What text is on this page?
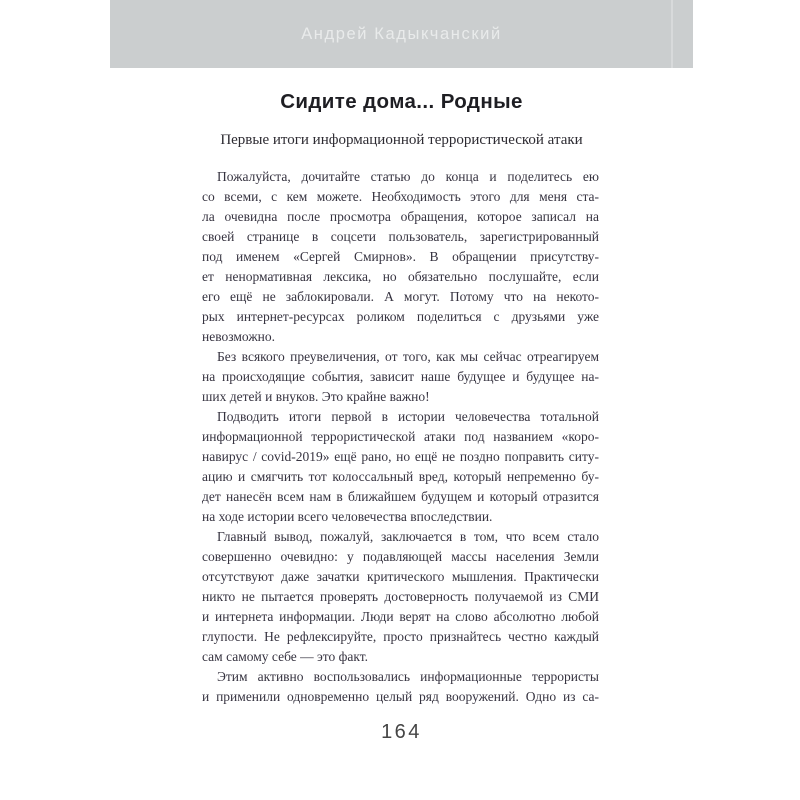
Андрей Кадыкчанский
Сидите дома... Родные
Первые итоги информационной террористической атаки
Пожалуйста, дочитайте статью до конца и поделитесь ею
со всеми, с кем можете. Необходимость этого для меня ста-
ла очевидна после просмотра обращения, которое записал на
своей странице в соцсети пользователь, зарегистрированный
под именем «Сергей Смирнов». В обращении присутству-
ет ненормативная лексика, но обязательно послушайте, если
его ещё не заблокировали. А могут. Потому что на некото-
рых интернет-ресурсах роликом поделиться с друзьями уже
невозможно.
Без всякого преувеличения, от того, как мы сейчас отреагируем
на происходящие события, зависит наше будущее и будущее на-
ших детей и внуков. Это крайне важно!
Подводить итоги первой в истории человечества тотальной
информационной террористической атаки под названием «коро-
навирус / covid-2019» ещё рано, но ещё не поздно поправить ситу-
ацию и смягчить тот колоссальный вред, который непременно бу-
дет нанесён всем нам в ближайшем будущем и который отразится
на ходе истории всего человечества впоследствии.
Главный вывод, пожалуй, заключается в том, что всем стало
совершенно очевидно: у подавляющей массы населения Земли
отсутствуют даже зачатки критического мышления. Практически
никто не пытается проверять достоверность получаемой из СМИ
и интернета информации. Люди верят на слово абсолютно любой
глупости. Не рефлексируйте, просто признайтесь честно каждый
сам самому себе — это факт.
Этим активно воспользовались информационные террористы
и применили одновременно целый ряд вооружений. Одно из са-
164
